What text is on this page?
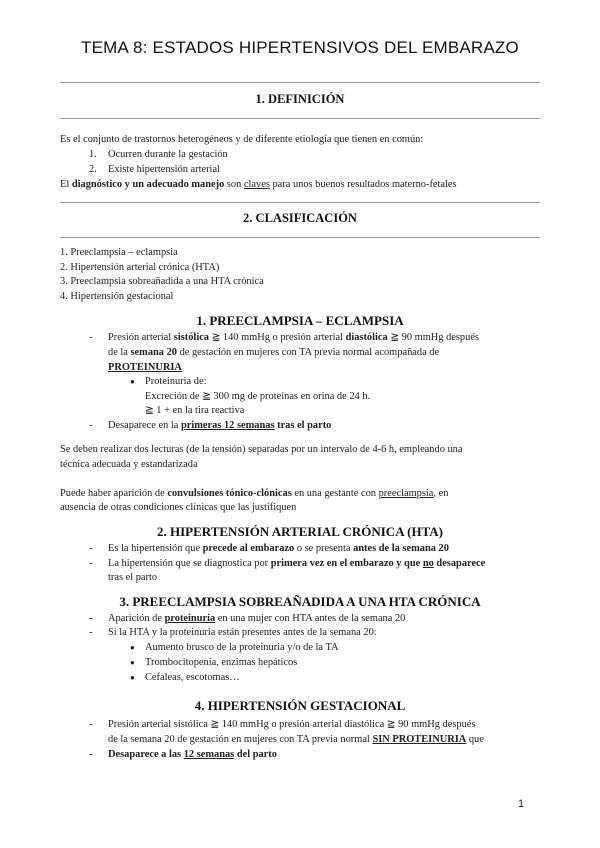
TEMA 8: ESTADOS HIPERTENSIVOS DEL EMBARAZO
1. DEFINICIÓN
Es el conjunto de trastornos heterogéneos y de diferente etiología que tienen en común:
1. Ocurren durante la gestación
2. Existe hipertensión arterial
El diagnóstico y un adecuado manejo son claves para unos buenos resultados materno-fetales
2. CLASIFICACIÓN
1. Preeclampsia – eclampsia
2. Hipertensión arterial crónica (HTA)
3. Preeclampsia sobreañadida a una HTA crónica
4. Hipertensión gestacional
1. PREECLAMPSIA – ECLAMPSIA
- Presión arterial sistólica ≧ 140 mmHg o presión arterial diastólica ≧ 90 mmHg después
de la semana 20 de gestación en mujeres con TA previa normal acompañada de
PROTEINURIA
● Proteinuria de:
Excreción de ≧ 300 mg de proteínas en orina de 24 h.
≧ 1 + en la tira reactiva
- Desaparece en la primeras 12 semanas tras el parto
Se deben realizar dos lecturas (de la tensión) separadas por un intervalo de 4-6 h, empleando una
técnica adecuada y estandarizada
Puede haber aparición de convulsiones tónico-clónicas en una gestante con preeclampsia, en
ausencia de otras condiciones clínicas que las justifiquen
2. HIPERTENSIÓN ARTERIAL CRÓNICA (HTA)
- Es la hipertensión que precede al embarazo o se presenta antes de la semana 20
- La hipertensión que se diagnostica por primera vez en el embarazo y que no desaparece
tras el parto
3. PREECLAMPSIA SOBREAÑADIDA A UNA HTA CRÓNICA
- Aparición de proteinuria en una mujer con HTA antes de la semana 20
- Si la HTA y la proteinuria están presentes antes de la semana 20:
● Aumento brusco de la proteinuria y/o de la TA
● Trombocitopenia, enzimas hepáticos
● Cefaleas, escotomas…
4. HIPERTENSIÓN GESTACIONAL
- Presión arterial sistólica ≧ 140 mmHg o presión arterial diastólica ≧ 90 mmHg después
de la semana 20 de gestación en mujeres con TA previa normal SIN PROTEINURIA que
- Desaparece a las 12 semanas del parto
1
